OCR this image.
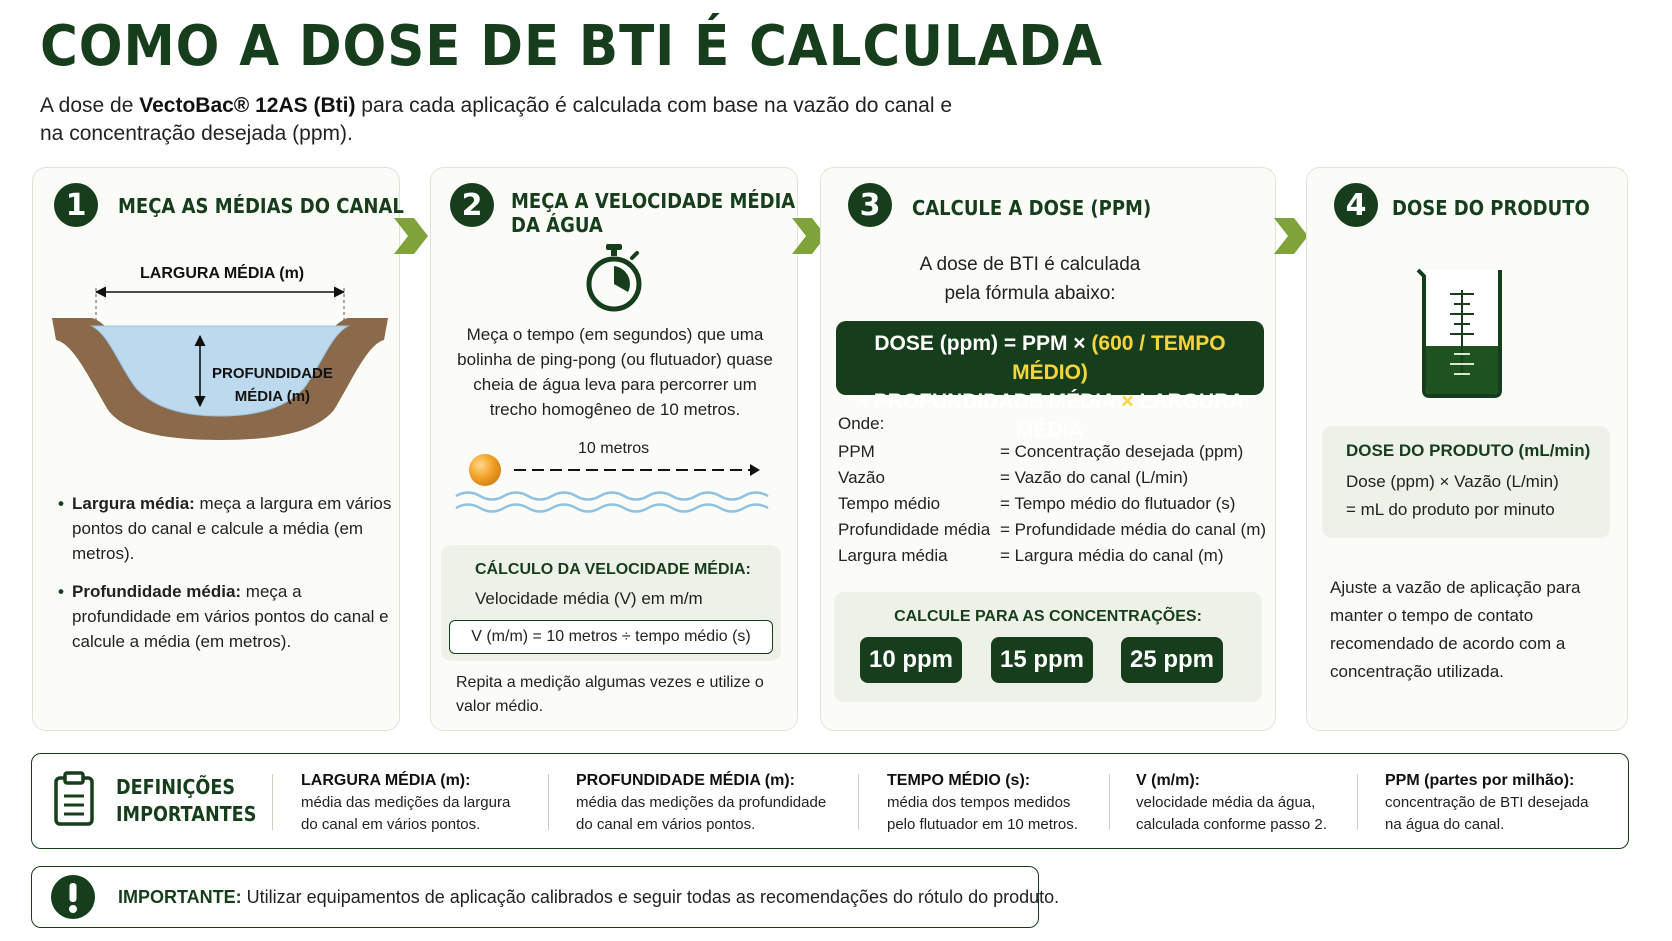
COMO A DOSE DE BTI É CALCULADA
A dose de VectoBac® 12AS (Bti) para cada aplicação é calculada com base na vazão do canal e
na concentração desejada (ppm).
1	MEÇA AS MÉDIAS DO CANAL
LARGURA MÉDIA (m)
PROFUNDIDADE
MÉDIA (m)
• Largura média: meça a largura em vários pontos do canal e calcule a média (em metros).
• Profundidade média: meça a profundidade em vários pontos do canal e calcule a média (em metros).
2	MEÇA A VELOCIDADE MÉDIA
DA ÁGUA
Meça o tempo (em segundos) que uma bolinha de ping-pong (ou flutuador) quase cheia de água leva para percorrer um trecho homogêneo de 10 metros.
10 metros
CÁLCULO DA VELOCIDADE MÉDIA:
Velocidade média (V) em m/m
V (m/m) = 10 metros ÷ tempo médio (s)
Repita a medição algumas vezes e utilize o valor médio.
3	CALCULE A DOSE (PPM)
A dose de BTI é calculada
pela fórmula abaixo:
DOSE (ppm) = PPM × (600 / TEMPO MÉDIO)
× PROFUNDIDADE MÉDIA × LARGURA MÉDIA
Onde:
PPM	= Concentração desejada (ppm)
Vazão	= Vazão do canal (L/min)
Tempo médio	= Tempo médio do flutuador (s)
Profundidade média = Profundidade média do canal (m)
Largura média	= Largura média do canal (m)
CALCULE PARA AS CONCENTRAÇÕES:
10 ppm	15 ppm	25 ppm
4	DOSE DO PRODUTO
DOSE DO PRODUTO (mL/min)
Dose (ppm) × Vazão (L/min)
= mL do produto por minuto
Ajuste a vazão de aplicação para manter o tempo de contato recomendado de acordo com a concentração utilizada.
DEFINIÇÕES
IMPORTANTES
LARGURA MÉDIA (m):
média das medições da largura
do canal em vários pontos.
PROFUNDIDADE MÉDIA (m):
média das medições da profundidade
do canal em vários pontos.
TEMPO MÉDIO (s):
média dos tempos medidos
pelo flutuador em 10 metros.
V (m/m):
velocidade média da água,
calculada conforme passo 2.
PPM (partes por milhão):
concentração de BTI desejada
na água do canal.
IMPORTANTE: Utilizar equipamentos de aplicação calibrados e seguir todas as recomendações do rótulo do produto.
